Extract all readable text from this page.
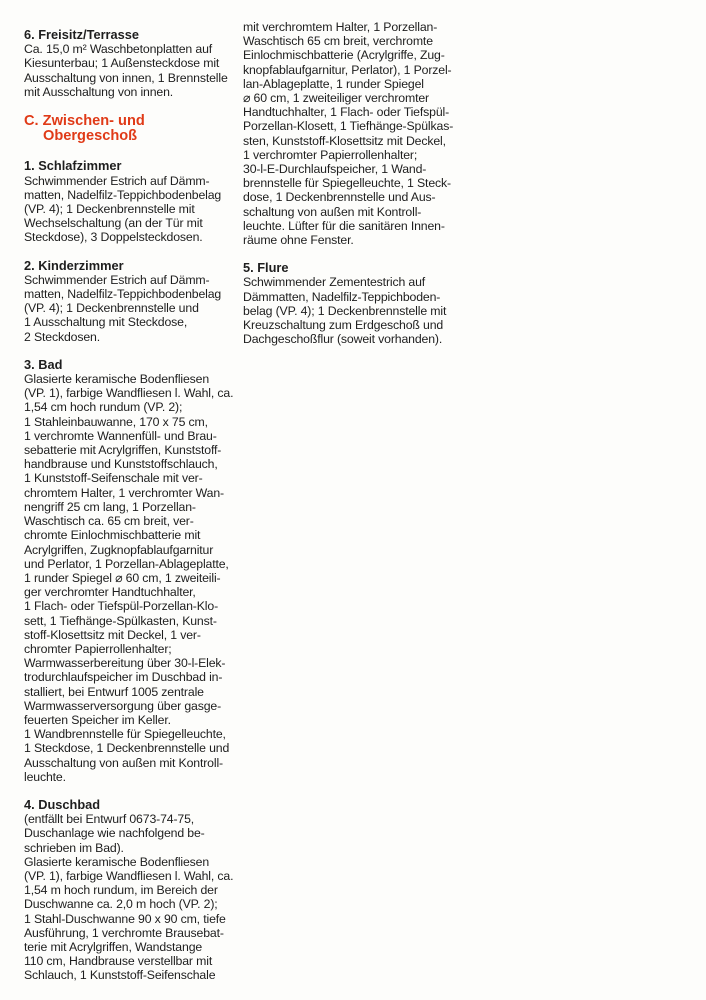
6. Freisitz/Terrasse
Ca. 15,0 m² Waschbetonplatten auf
Kiesunterbau; 1 Außensteckdose mit
Ausschaltung von innen, 1 Brennstelle
mit Ausschaltung von innen.
C. Zwischen- und
Obergeschoß
1. Schlafzimmer
Schwimmender Estrich auf Dämm-
matten, Nadelfilz-Teppichbodenbelag
(VP. 4); 1 Deckenbrennstelle mit
Wechselschaltung (an der Tür mit
Steckdose), 3 Doppelsteckdosen.
2. Kinderzimmer
Schwimmender Estrich auf Dämm-
matten, Nadelfilz-Teppichbodenbelag
(VP. 4); 1 Deckenbrennstelle und
1 Ausschaltung mit Steckdose,
2 Steckdosen.
3. Bad
Glasierte keramische Bodenfliesen
(VP. 1), farbige Wandfliesen l. Wahl, ca.
1,54 cm hoch rundum (VP. 2);
1 Stahleinbauwanne, 170 x 75 cm,
1 verchromte Wannenfüll- und Brau-
sebatterie mit Acrylgriffen, Kunststoff-
handbrause und Kunststoffschlauch,
1 Kunststoff-Seifenschale mit ver-
chromtem Halter, 1 verchromter Wan-
nengriff 25 cm lang, 1 Porzellan-
Waschtisch ca. 65 cm breit, ver-
chromte Einlochmischbatterie mit
Acrylgriffen, Zugknopfablaufgarnitur
und Perlator, 1 Porzellan-Ablageplatte,
1 runder Spiegel ⌀ 60 cm, 1 zweiteili-
ger verchromter Handtuchhalter,
1 Flach- oder Tiefspül-Porzellan-Klo-
sett, 1 Tiefhänge-Spülkasten, Kunst-
stoff-Klosettsitz mit Deckel, 1 ver-
chromter Papierrollenhalter;
Warmwasserbereitung über 30-l-Elek-
trodurchlaufspeicher im Duschbad in-
stalliert, bei Entwurf 1005 zentrale
Warmwasserversorgung über gasge-
feuerten Speicher im Keller.
1 Wandbrennstelle für Spiegelleuchte,
1 Steckdose, 1 Deckenbrennstelle und
Ausschaltung von außen mit Kontroll-
leuchte.
4. Duschbad
(entfällt bei Entwurf 0673-74-75,
Duschanlage wie nachfolgend be-
schrieben im Bad).
Glasierte keramische Bodenfliesen
(VP. 1), farbige Wandfliesen l. Wahl, ca.
1,54 m hoch rundum, im Bereich der
Duschwanne ca. 2,0 m hoch (VP. 2);
1 Stahl-Duschwanne 90 x 90 cm, tiefe
Ausführung, 1 verchromte Brausebat-
terie mit Acrylgriffen, Wandstange
110 cm, Handbrause verstellbar mit
Schlauch, 1 Kunststoff-Seifenschale
mit verchromtem Halter, 1 Porzellan-
Waschtisch 65 cm breit, verchromte
Einlochmischbatterie (Acrylgriffe, Zug-
knopfablaufgarnitur, Perlator), 1 Porzel-
lan-Ablageplatte, 1 runder Spiegel
⌀ 60 cm, 1 zweiteiliger verchromter
Handtuchhalter, 1 Flach- oder Tiefspül-
Porzellan-Klosett, 1 Tiefhänge-Spülkas-
sten, Kunststoff-Klosettsitz mit Deckel,
1 verchromter Papierrollenhalter;
30-l-E-Durchlaufspeicher, 1 Wand-
brennstelle für Spiegelleuchte, 1 Steck-
dose, 1 Deckenbrennstelle und Aus-
schaltung von außen mit Kontroll-
leuchte. Lüfter für die sanitären Innen-
räume ohne Fenster.
5. Flure
Schwimmender Zementestrich auf
Dämmatten, Nadelfilz-Teppichboden-
belag (VP. 4); 1 Deckenbrennstelle mit
Kreuzschaltung zum Erdgeschoß und
Dachgeschoßflur (soweit vorhanden).
